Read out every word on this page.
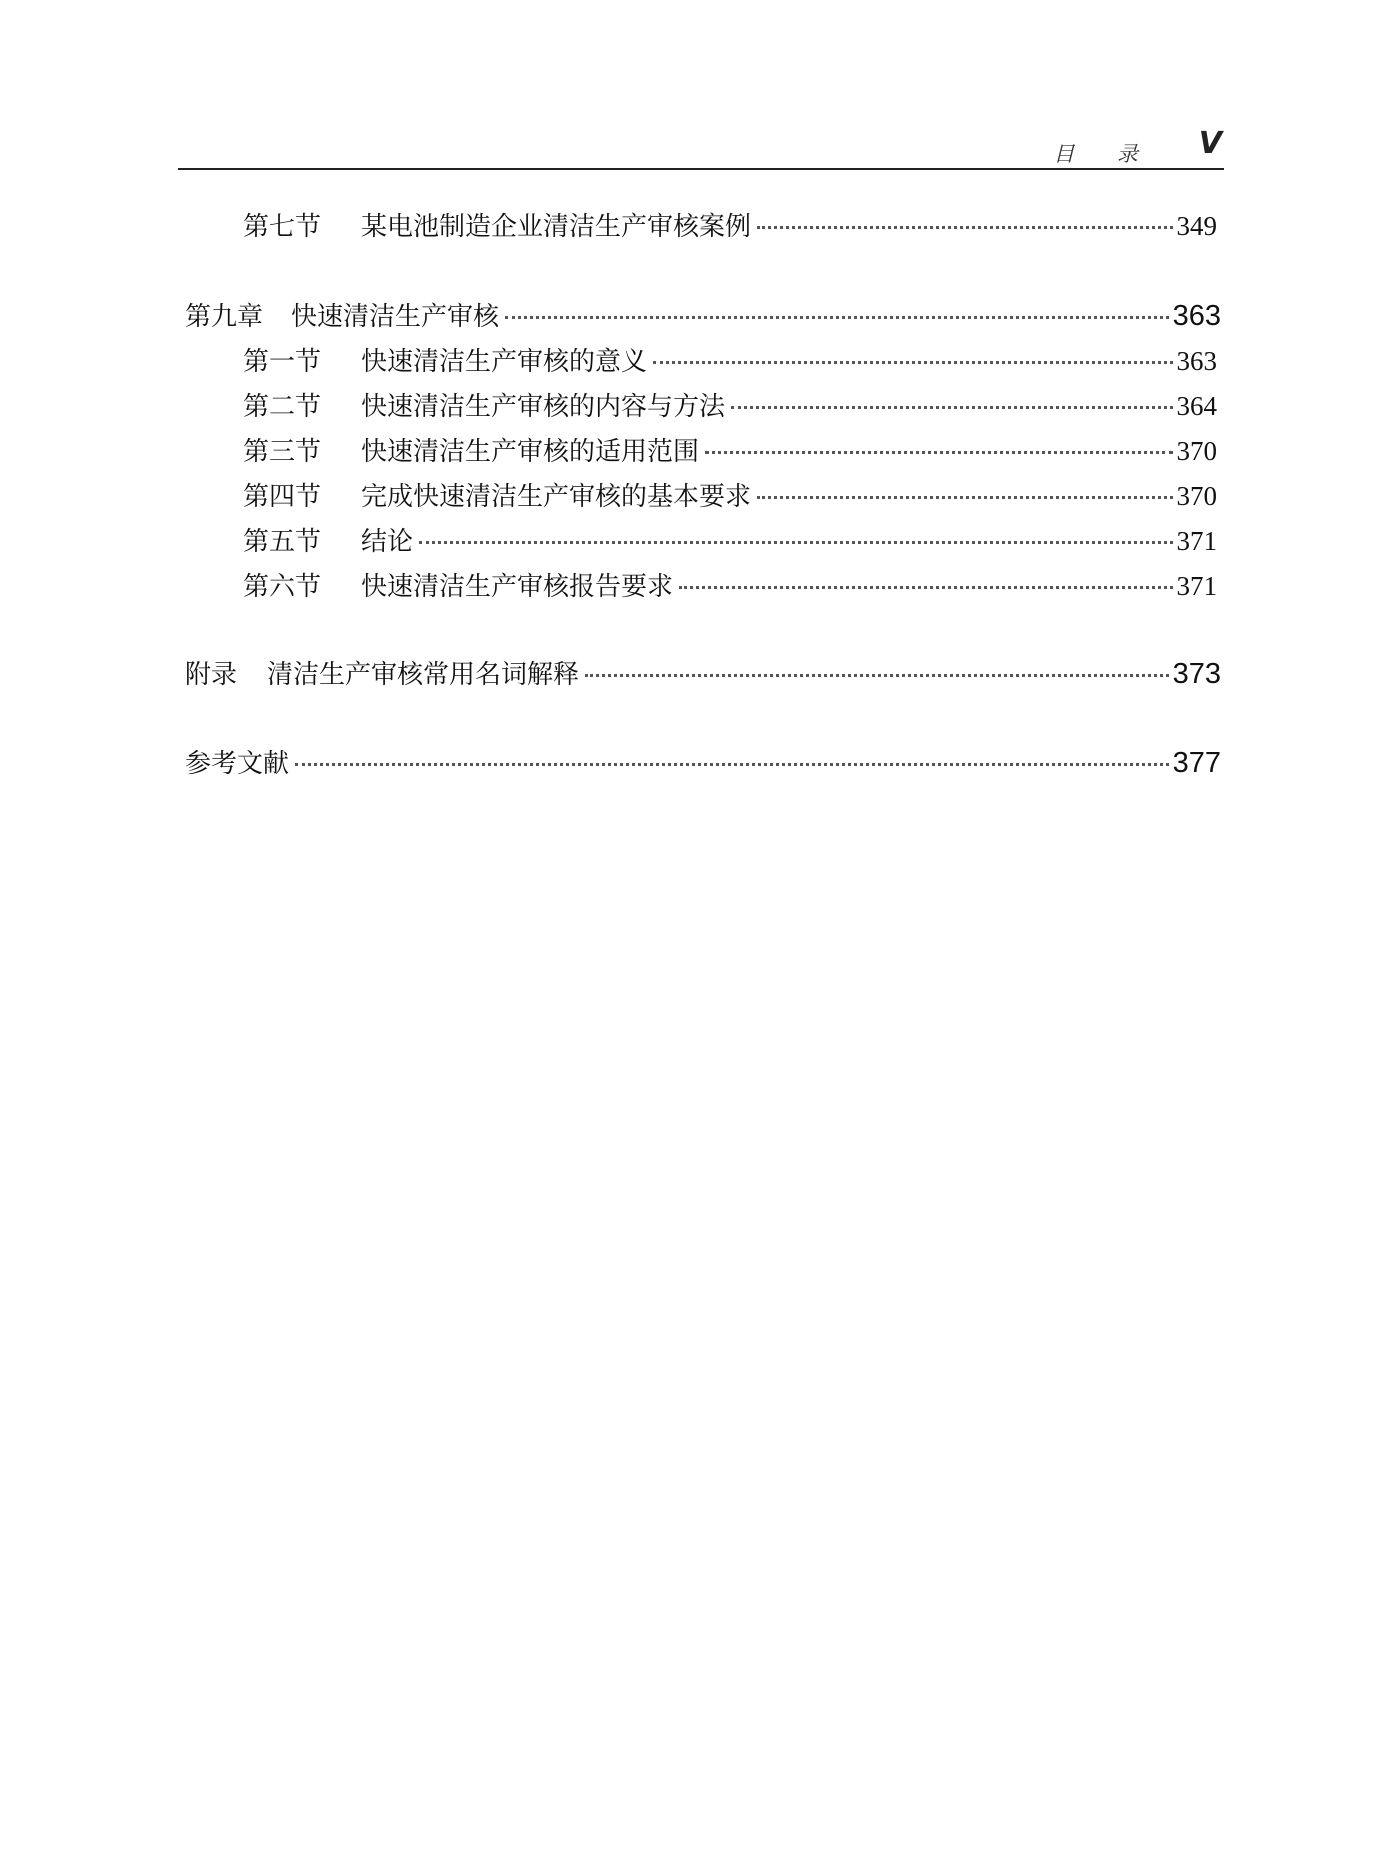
目 录 V
第七节	某电池制造企业清洁生产审核案例	349
第九章 快速清洁生产审核	363
第一节	快速清洁生产审核的意义	363
第二节	快速清洁生产审核的内容与方法	364
第三节	快速清洁生产审核的适用范围	370
第四节	完成快速清洁生产审核的基本要求	370
第五节	结论	371
第六节	快速清洁生产审核报告要求	371
附录 清洁生产审核常用名词解释	373
参考文献	377
